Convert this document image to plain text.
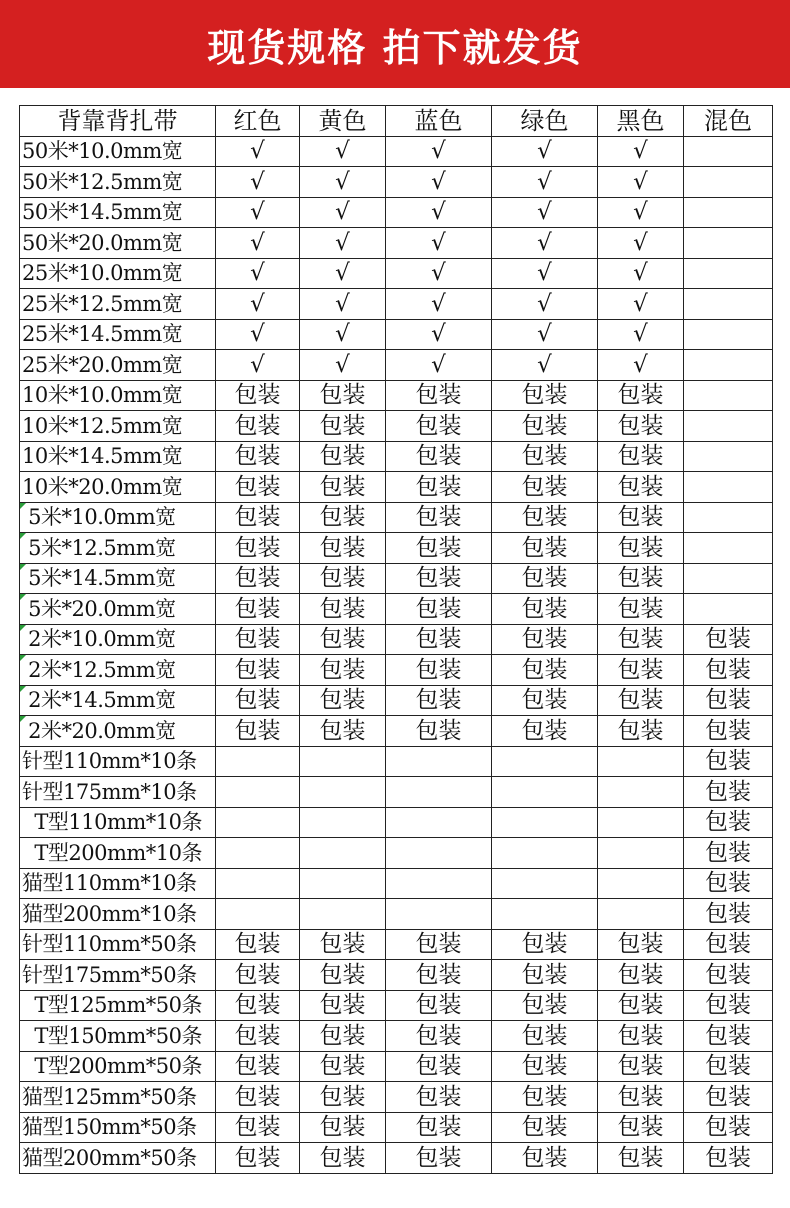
现货规格 拍下就发货
背靠背扎带	红色	黄色	蓝色	绿色	黑色	混色
50米*10.0mm宽	√	√	√	√	√	
50米*12.5mm宽	√	√	√	√	√	
50米*14.5mm宽	√	√	√	√	√	
50米*20.0mm宽	√	√	√	√	√	
25米*10.0mm宽	√	√	√	√	√	
25米*12.5mm宽	√	√	√	√	√	
25米*14.5mm宽	√	√	√	√	√	
25米*20.0mm宽	√	√	√	√	√	
10米*10.0mm宽	包装	包装	包装	包装	包装	
10米*12.5mm宽	包装	包装	包装	包装	包装	
10米*14.5mm宽	包装	包装	包装	包装	包装	
10米*20.0mm宽	包装	包装	包装	包装	包装	

5米*10.0mm宽	包装	包装	包装	包装	包装	

5米*12.5mm宽	包装	包装	包装	包装	包装	

5米*14.5mm宽	包装	包装	包装	包装	包装	

5米*20.0mm宽	包装	包装	包装	包装	包装	

2米*10.0mm宽	包装	包装	包装	包装	包装	包装

2米*12.5mm宽	包装	包装	包装	包装	包装	包装

2米*14.5mm宽	包装	包装	包装	包装	包装	包装

2米*20.0mm宽	包装	包装	包装	包装	包装	包装
针型110mm*10条						包装
针型175mm*10条						包装
T型110mm*10条						包装
T型200mm*10条						包装
猫型110mm*10条						包装
猫型200mm*10条						包装
针型110mm*50条	包装	包装	包装	包装	包装	包装
针型175mm*50条	包装	包装	包装	包装	包装	包装
T型125mm*50条	包装	包装	包装	包装	包装	包装
T型150mm*50条	包装	包装	包装	包装	包装	包装
T型200mm*50条	包装	包装	包装	包装	包装	包装
猫型125mm*50条	包装	包装	包装	包装	包装	包装
猫型150mm*50条	包装	包装	包装	包装	包装	包装
猫型200mm*50条	包装	包装	包装	包装	包装	包装
